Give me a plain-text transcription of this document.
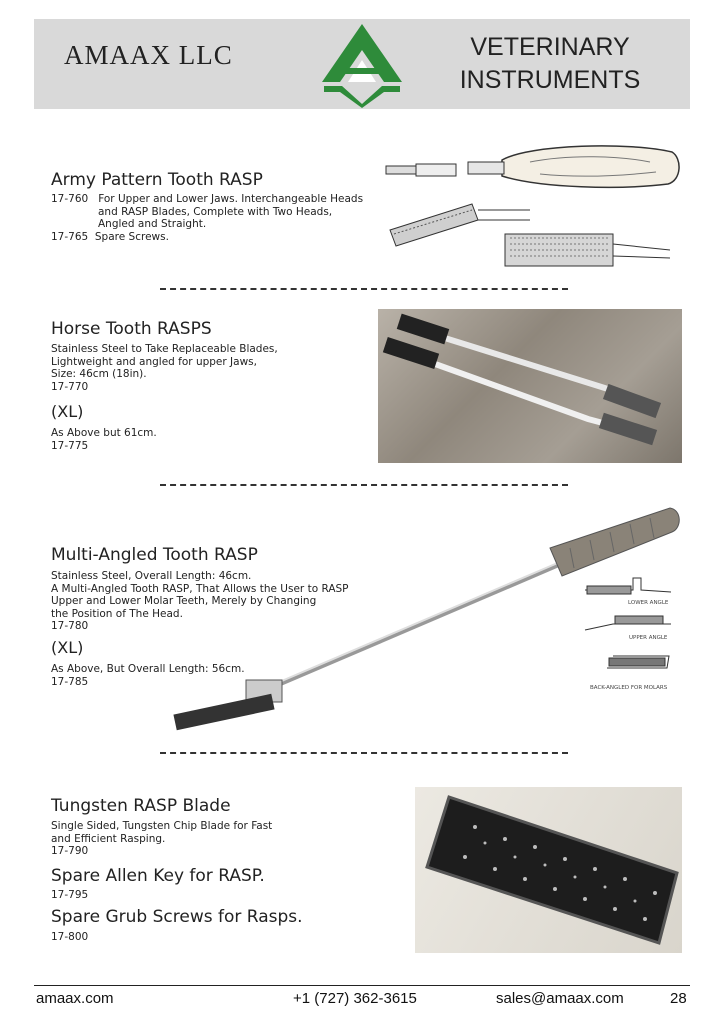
AMAAX LLC	VETERINARY
INSTRUMENTS
Army Pattern Tooth RASP
17-760 For Upper and Lower Jaws. Interchangeable Heads
and RASP Blades, Complete with Two Heads,
Angled and Straight.
17-765 Spare Screws.
Horse Tooth RASPS
Stainless Steel to Take Replaceable Blades,
Lightweight and angled for upper Jaws,
Size: 46cm (18in).
17-770
(XL)
As Above but 61cm.
17-775
Multi-Angled Tooth RASP
Stainless Steel, Overall Length: 46cm.
A Multi-Angled Tooth RASP, That Allows the User to RASP
Upper and Lower Molar Teeth, Merely by Changing
the Position of The Head.
17-780
(XL)
As Above, But Overall Length: 56cm.
17-785
LOWER ANGLE
UPPER ANGLE
BACK-ANGLED FOR MOLARS
Tungsten RASP Blade
Single Sided, Tungsten Chip Blade for Fast
and Efficient Rasping.
17-790
Spare Allen Key for RASP.
17-795
Spare Grub Screws for Rasps.
17-800
amaax.com	+1 (727) 362-3615	sales@amaax.com	28
